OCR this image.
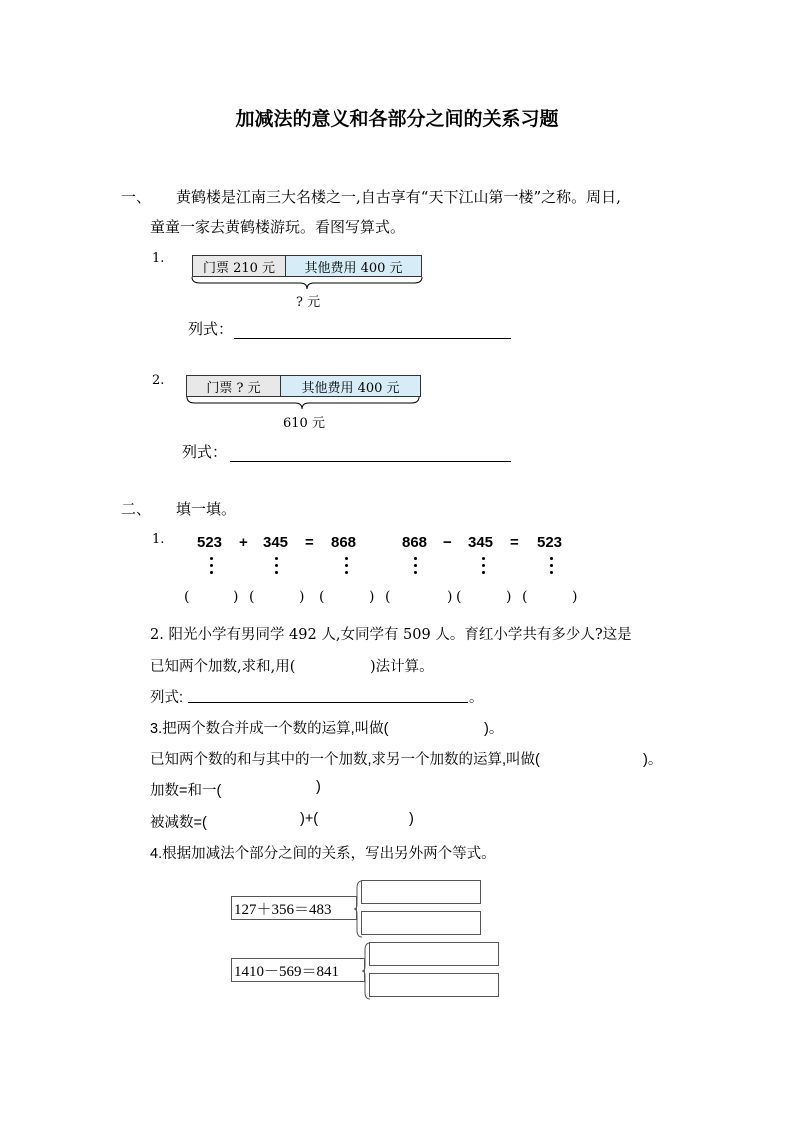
加减法的意义和各部分之间的关系习题
一、 黄鹤楼是江南三大名楼之一,自古享有“天下江山第一楼”之称。周日,
童童一家去黄鹤楼游玩。看图写算式。
1.
门票 210 元	其他费用 400 元
? 元
列式：
2.	门票 ? 元	其他费用 400 元
610 元
列式：
二、 填一填。
1. 523 + 345 = 868	868 − 345 = 523
(	) (	) (	) (	) (	) (	)
2. 阳光小学有男同学 492 人,女同学有 509 人。育红小学共有多少人?这是
已知两个加数,求和,用(	)法计算。
列式:	。
3.把两个数合并成一个数的运算,叫做(	)。
已知两个数的和与其中的一个加数,求另一个加数的运算,叫做(	)。
加数=和一(	)
被减数=(	)+(	)
4.根据加减法个部分之间的关系，写出另外两个等式。
127＋356＝483
1410－569＝841
